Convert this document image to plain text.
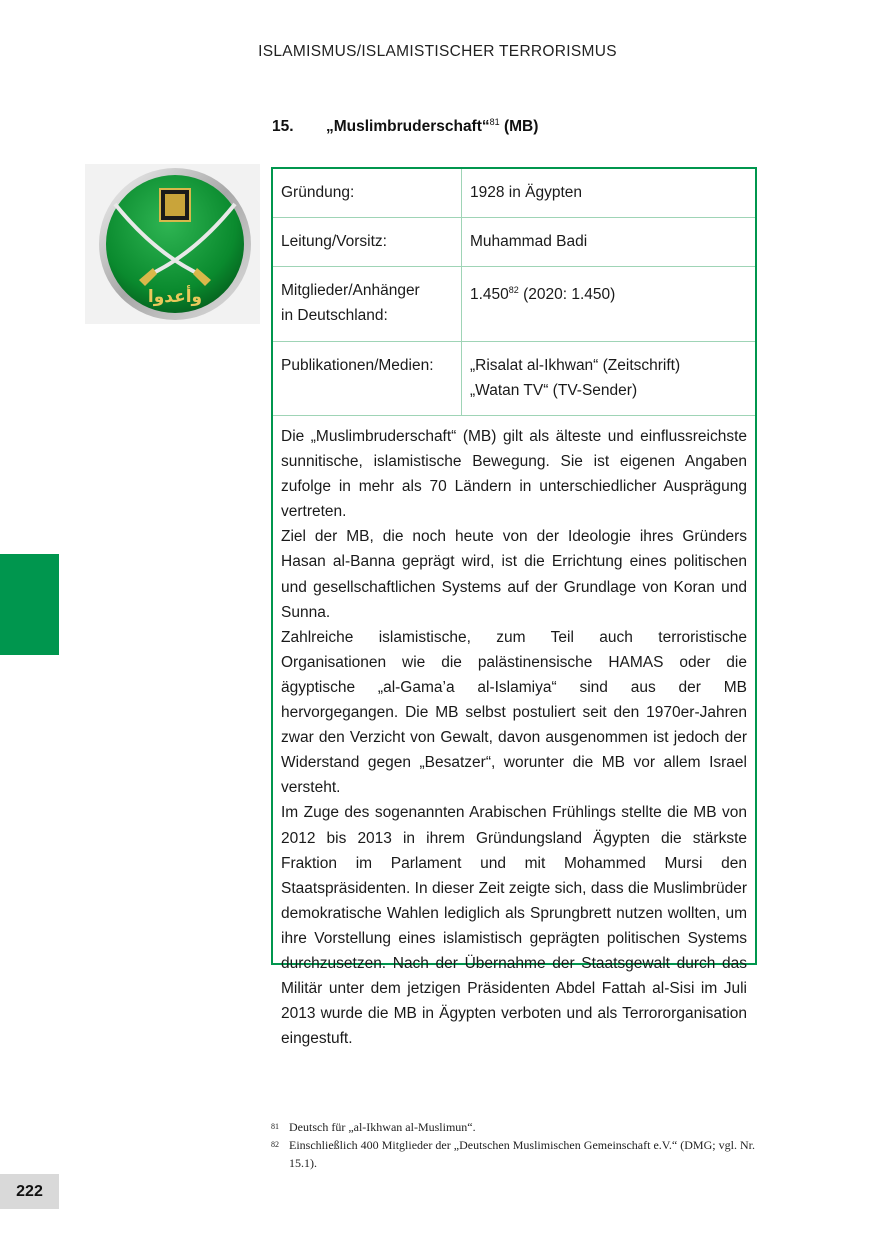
ISLAMISMUS/ISLAMISTISCHER TERRORISMUS
15. „Muslimbruderschaft“$^{81}$ (MB)
وأعدوا
Gründung:	1928 in Ägypten
Leitung/Vorsitz:	Muhammad Badi
Mitglieder/Anhänger
in Deutschland:	1.450$^{82}$ (2020: 1.450)
Publikationen/Medien:	„Risalat al-Ikhwan“ (Zeitschrift)
„Watan TV“ (TV-Sender)

Die „Muslimbruderschaft“ (MB) gilt als älteste und einflussreichste sunnitische, islamistische Bewegung. Sie ist eigenen Angaben zufolge in mehr als 70 Ländern in unterschiedlicher Ausprägung vertreten.

Ziel der MB, die noch heute von der Ideologie ihres Gründers Hasan al-Banna geprägt wird, ist die Errichtung eines politischen und gesellschaftlichen Systems auf der Grundlage von Koran und Sunna.

Zahlreiche islamistische, zum Teil auch terroristische Organisationen wie die palästinensische HAMAS oder die ägyptische „al-Gama’a al-Islamiya“ sind aus der MB hervorgegangen. Die MB selbst postuliert seit den 1970er-Jahren zwar den Verzicht von Gewalt, davon ausgenommen ist jedoch der Widerstand gegen „Besatzer“, worunter die MB vor allem Israel versteht.

Im Zuge des sogenannten Arabischen Frühlings stellte die MB von 2012 bis 2013 in ihrem Gründungsland Ägypten die stärkste Fraktion im Parlament und mit Mohammed Mursi den Staatspräsidenten. In dieser Zeit zeigte sich, dass die Muslimbrüder demokratische Wahlen lediglich als Sprungbrett nutzen wollten, um ihre Vorstellung eines islamistisch geprägten politischen Systems durchzusetzen. Nach der Übernahme der Staatsgewalt durch das Militär unter dem jetzigen Präsidenten Abdel Fattah al-Sisi im Juli 2013 wurde die MB in Ägypten verboten und als Terrororganisation eingestuft.

81 Deutsch für „al-Ikhwan al-Muslimun“.
82 Einschließlich 400 Mitglieder der „Deutschen Muslimischen Gemeinschaft e.V.“ (DMG; vgl. Nr. 15.1).
222
